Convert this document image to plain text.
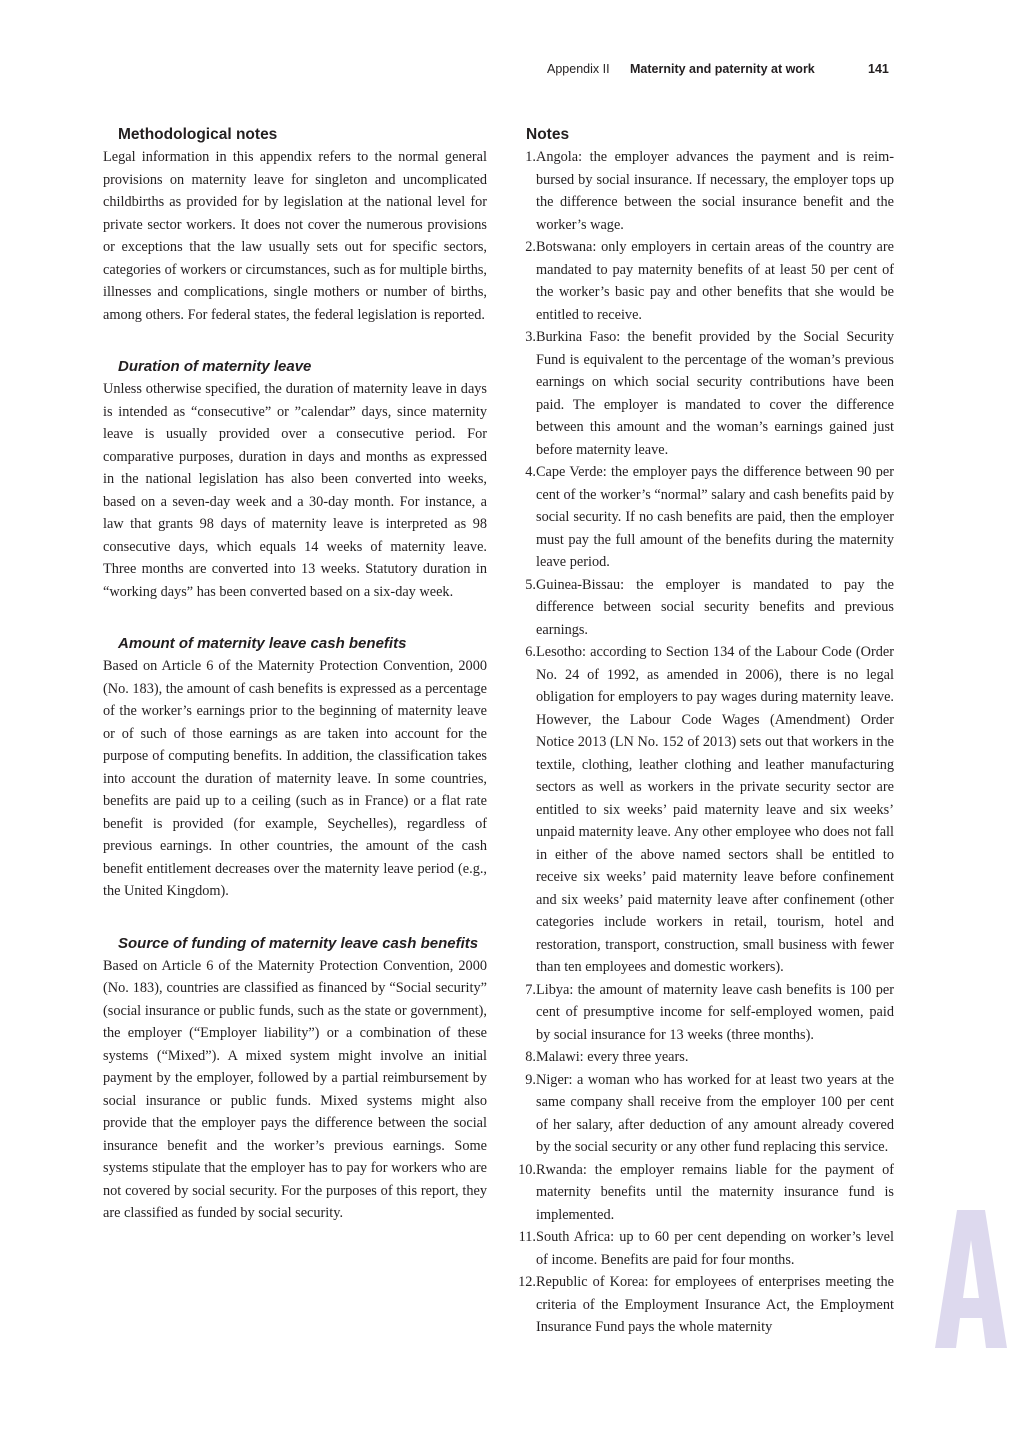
Appendix II Maternity and paternity at work	141
Methodological notes

Legal information in this appendix refers to the normal general provisions on maternity leave for singleton and uncomplicated childbirths as provided for by legislation at the national level for private sector workers. It does not cover the numerous provisions or exceptions that the law usually sets out for specific sectors, categories of workers or circumstances, such as for multiple births, illnesses and complications, single mothers or number of births, among others. For federal states, the federal legislation is reported.

Duration of maternity leave

Unless otherwise specified, the duration of maternity leave in days is intended as “consecutive” or ”calendar” days, since maternity leave is usually provided over a consecutive period. For comparative purposes, duration in days and months as expressed in the national legislation has also been converted into weeks, based on a seven-day week and a 30-day month. For instance, a law that grants 98 days of maternity leave is interpreted as 98 consecutive days, which equals 14 weeks of maternity leave. Three months are converted into 13 weeks. Statutory duration in “working days” has been converted based on a six-day week.

Amount of maternity leave cash benefits

Based on Article 6 of the Maternity Protection Convention, 2000 (No. 183), the amount of cash benefits is expressed as a percentage of the worker’s earnings prior to the beginning of maternity leave or of such of those earnings as are taken into account for the purpose of computing benefits. In addition, the classification takes into account the duration of maternity leave. In some countries, benefits are paid up to a ceiling (such as in France) or a flat rate benefit is provided (for example, Seychelles), regardless of previous earnings. In other countries, the amount of the cash benefit entitlement decreases over the maternity leave period (e.g., the United Kingdom).

Source of funding of maternity leave cash benefits

Based on Article 6 of the Maternity Protection Convention, 2000 (No. 183), countries are classified as financed by “Social security” (social insurance or public funds, such as the state or government), the employer (“Employer liability”) or a combination of these systems (“Mixed”). A mixed system might involve an initial payment by the employer, followed by a partial reimbursement by social insurance or public funds. Mixed systems might also provide that the employer pays the difference between the social insurance benefit and the worker’s previous earnings. Some systems stipulate that the employer has to pay for workers who are not covered by social security. For the purposes of this report, they are classified as funded by social security.

Notes
1. Angola: the employer advances the payment and is reimbursed by social insurance. If necessary, the employer tops up the difference between the social insurance benefit and the worker’s wage.
2. Botswana: only employers in certain areas of the country are mandated to pay maternity benefits of at least 50 per cent of the worker’s basic pay and other benefits that she would be entitled to receive.
3. Burkina Faso: the benefit provided by the Social Security Fund is equivalent to the percentage of the woman’s previous earnings on which social security contributions have been paid. The employer is mandated to cover the difference between this amount and the woman’s earnings gained just before maternity leave.
4. Cape Verde: the employer pays the difference between 90 per cent of the worker’s “normal” salary and cash benefits paid by social security. If no cash benefits are paid, then the employer must pay the full amount of the benefits during the maternity leave period.
5. Guinea-Bissau: the employer is mandated to pay the difference between social security benefits and previous earnings.
6. Lesotho: according to Section 134 of the Labour Code (Order No. 24 of 1992, as amended in 2006), there is no legal obligation for employers to pay wages during maternity leave. However, the Labour Code Wages (Amendment) Order Notice 2013 (LN No. 152 of 2013) sets out that workers in the textile, clothing, leather clothing and leather manufacturing sectors as well as workers in the private security sector are entitled to six weeks’ paid maternity leave and six weeks’ unpaid maternity leave. Any other employee who does not fall in either of the above named sectors shall be entitled to receive six weeks’ paid maternity leave before confinement and six weeks’ paid maternity leave after confinement (other categories include workers in retail, tourism, hotel and restoration, transport, construction, small business with fewer than ten employees and domestic workers).
7. Libya: the amount of maternity leave cash benefits is 100 per cent of presumptive income for self-employed women, paid by social insurance for 13 weeks (three months).
8. Malawi: every three years.
9. Niger: a woman who has worked for at least two years at the same company shall receive from the employer 100 per cent of her salary, after deduction of any amount already covered by the social security or any other fund replacing this service.
10. Rwanda: the employer remains liable for the payment of maternity benefits until the maternity insurance fund is implemented.
11. South Africa: up to 60 per cent depending on worker’s level of income. Benefits are paid for four months.
12. Republic of Korea: for employees of enterprises meeting the criteria of the Employment Insurance Act, the Employment Insurance Fund pays the whole maternity
